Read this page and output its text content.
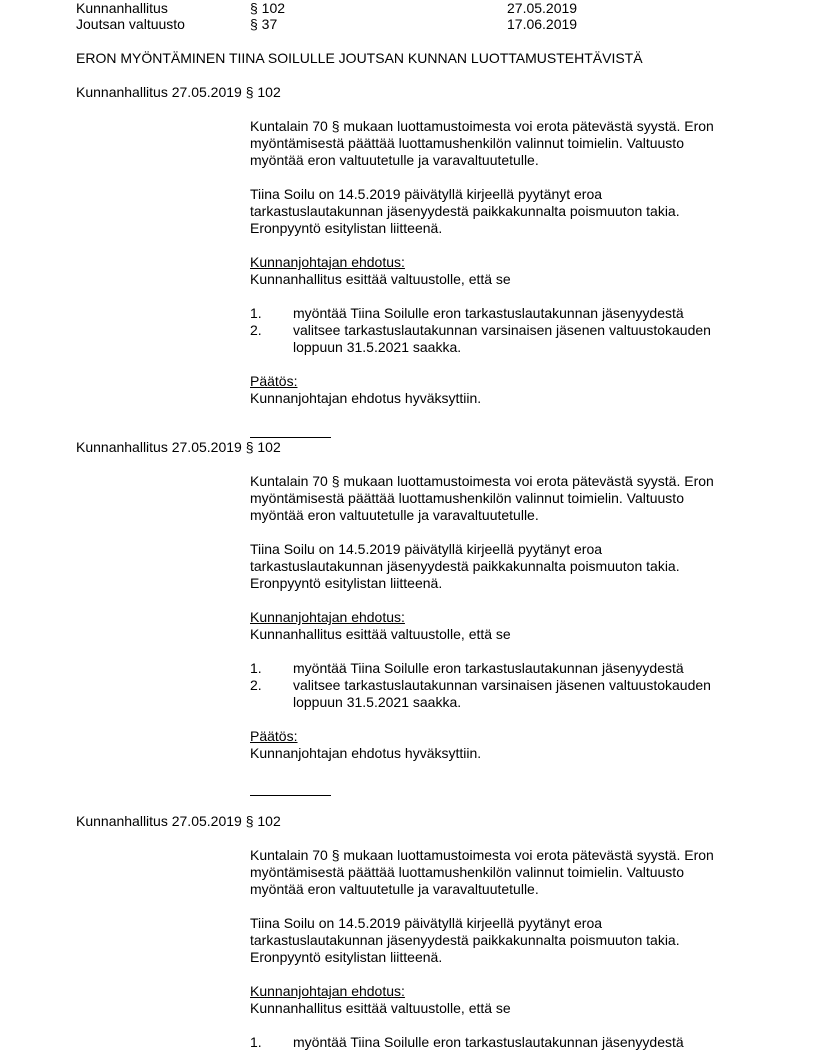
Kunnanhallitus	§ 102	27.05.2019
Joutsan valtuusto	§ 37	17.06.2019
ERON MYÖNTÄMINEN TIINA SOILULLE JOUTSAN KUNNAN LUOTTAMUSTEHTÄVISTÄ
Kunnanhallitus 27.05.2019 § 102
Kuntalain 70 § mukaan luottamustoimesta voi erota pätevästä syystä. Eron
myöntämisestä päättää luottamushenkilön valinnut toimielin. Valtuusto
myöntää eron valtuutetulle ja varavaltuutetulle.
Tiina Soilu on 14.5.2019 päivätyllä kirjeellä pyytänyt eroa
tarkastuslautakunnan jäsenyydestä paikkakunnalta poismuuton takia.
Eronpyyntö esitylistan liitteenä.
Kunnanjohtajan ehdotus:
Kunnanhallitus esittää valtuustolle, että se
1.	myöntää Tiina Soilulle eron tarkastuslautakunnan jäsenyydestä
2.	valitsee tarkastuslautakunnan varsinaisen jäsenen valtuustokauden
loppuun 31.5.2021 saakka.
Päätös:
Kunnanjohtajan ehdotus hyväksyttiin.
Kunnanhallitus 27.05.2019 § 102
Kuntalain 70 § mukaan luottamustoimesta voi erota pätevästä syystä. Eron
myöntämisestä päättää luottamushenkilön valinnut toimielin. Valtuusto
myöntää eron valtuutetulle ja varavaltuutetulle.
Tiina Soilu on 14.5.2019 päivätyllä kirjeellä pyytänyt eroa
tarkastuslautakunnan jäsenyydestä paikkakunnalta poismuuton takia.
Eronpyyntö esitylistan liitteenä.
Kunnanjohtajan ehdotus:
Kunnanhallitus esittää valtuustolle, että se
1.	myöntää Tiina Soilulle eron tarkastuslautakunnan jäsenyydestä
2.	valitsee tarkastuslautakunnan varsinaisen jäsenen valtuustokauden
loppuun 31.5.2021 saakka.
Päätös:
Kunnanjohtajan ehdotus hyväksyttiin.
Kunnanhallitus 27.05.2019 § 102
Kuntalain 70 § mukaan luottamustoimesta voi erota pätevästä syystä. Eron
myöntämisestä päättää luottamushenkilön valinnut toimielin. Valtuusto
myöntää eron valtuutetulle ja varavaltuutetulle.
Tiina Soilu on 14.5.2019 päivätyllä kirjeellä pyytänyt eroa
tarkastuslautakunnan jäsenyydestä paikkakunnalta poismuuton takia.
Eronpyyntö esitylistan liitteenä.
Kunnanjohtajan ehdotus:
Kunnanhallitus esittää valtuustolle, että se
1.	myöntää Tiina Soilulle eron tarkastuslautakunnan jäsenyydestä
